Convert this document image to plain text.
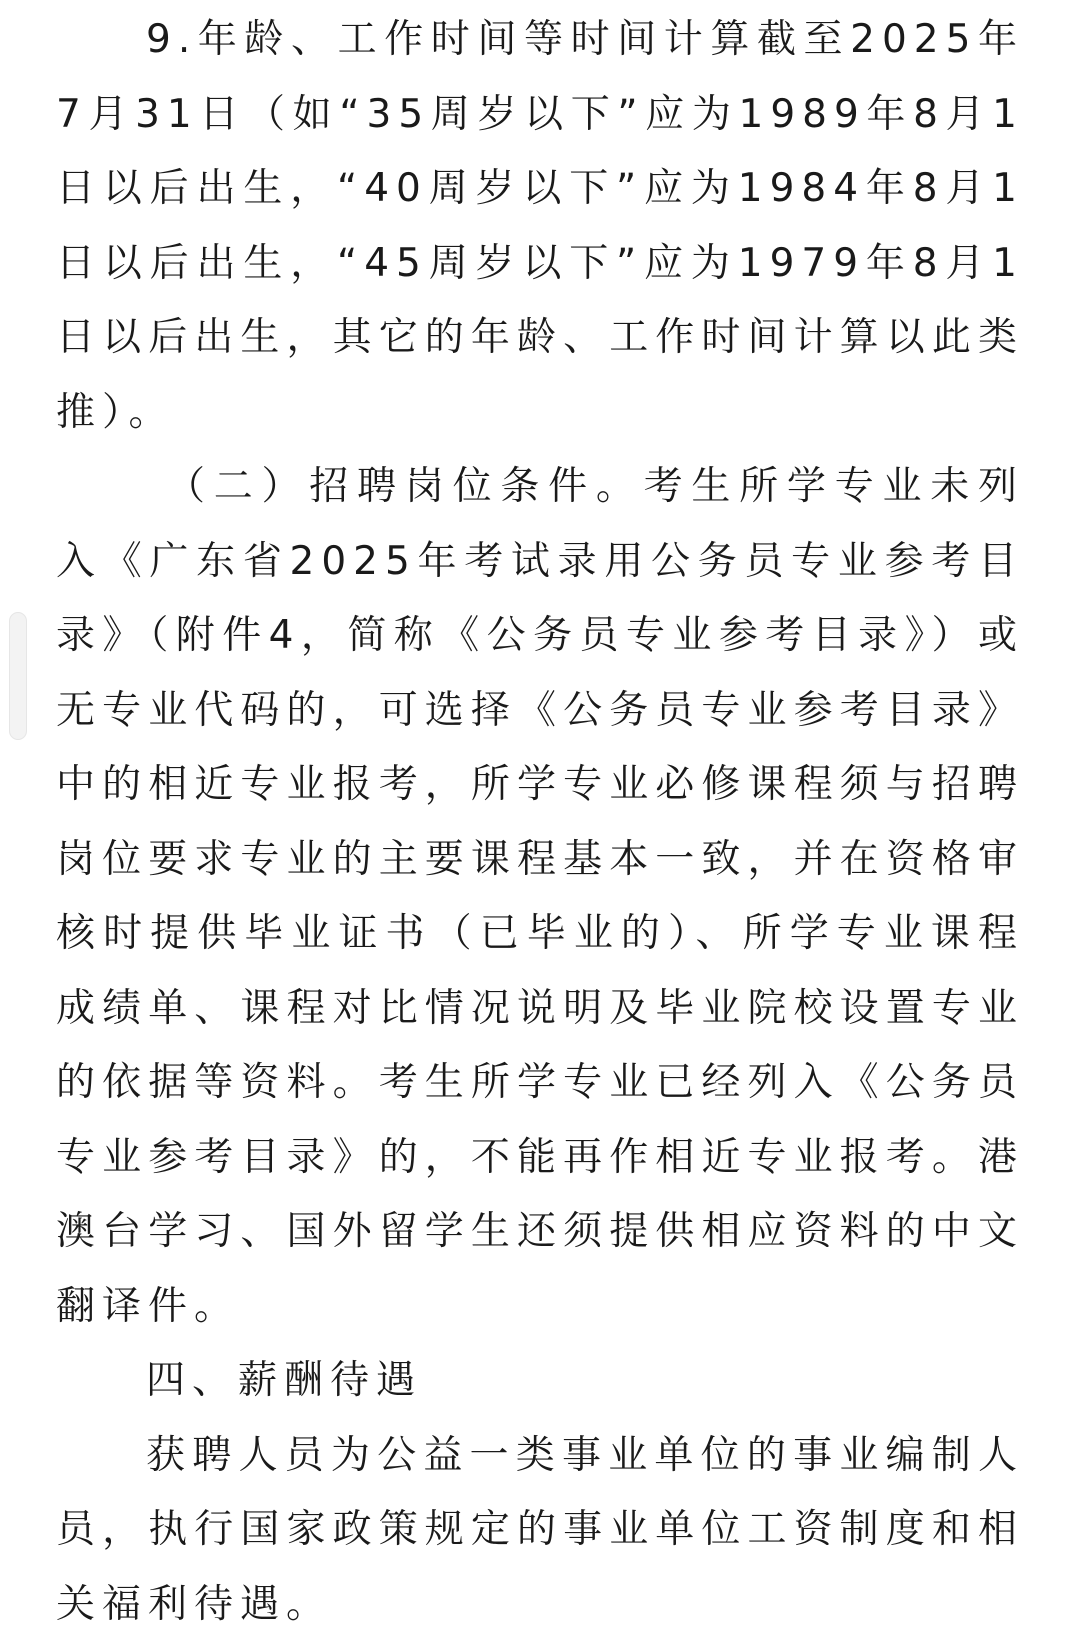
9.年龄、工作时间等时间计算截至2025年7月31日（如“35周岁以下”应为1989年8月1日以后出生，“40周岁以下”应为1984年8月1日以后出生，“45周岁以下”应为1979年8月1日以后出生，其它的年龄、工作时间计算以此类推）。

（二）招聘岗位条件。考生所学专业未列入《广东省2025年考试录用公务员专业参考目录》（附件4，简称《公务员专业参考目录》）或无专业代码的，可选择《公务员专业参考目录》中的相近专业报考，所学专业必修课程须与招聘岗位要求专业的主要课程基本一致，并在资格审核时提供毕业证书（已毕业的）、所学专业课程成绩单、课程对比情况说明及毕业院校设置专业的依据等资料。考生所学专业已经列入《公务员专业参考目录》的，不能再作相近专业报考。港澳台学习、国外留学生还须提供相应资料的中文翻译件。

四、薪酬待遇

获聘人员为公益一类事业单位的事业编制人员，执行国家政策规定的事业单位工资制度和相关福利待遇。
